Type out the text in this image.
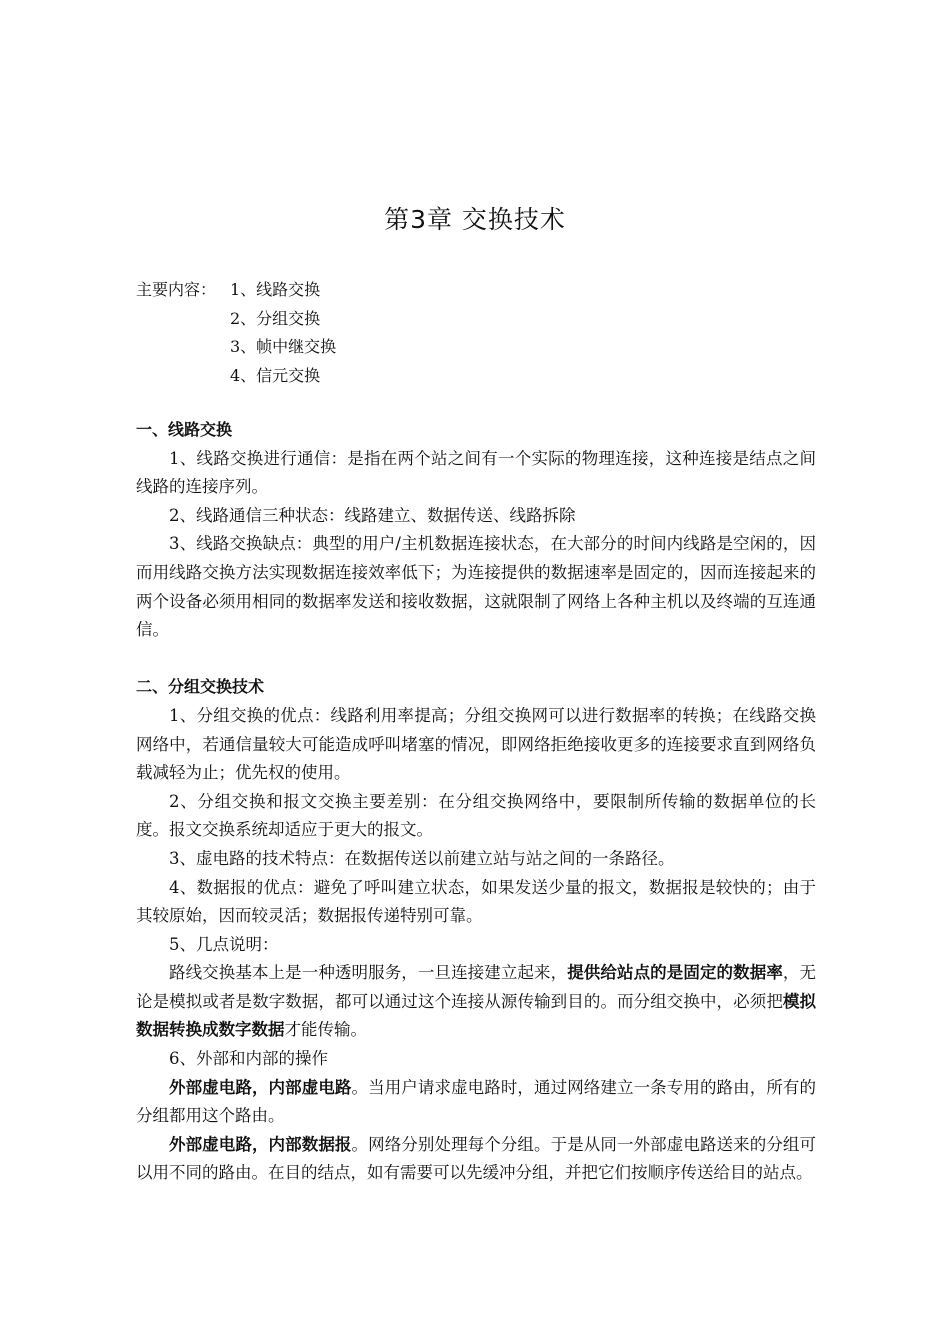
第3章 交换技术
主要内容： 1、线路交换
2、分组交换
3、帧中继交换
4、信元交换
一、线路交换
1、线路交换进行通信：是指在两个站之间有一个实际的物理连接，这种连接是结点之间线路的连接序列。
2、线路通信三种状态：线路建立、数据传送、线路拆除
3、线路交换缺点：典型的用户/主机数据连接状态，在大部分的时间内线路是空闲的，因而用线路交换方法实现数据连接效率低下；为连接提供的数据速率是固定的，因而连接起来的两个设备必须用相同的数据率发送和接收数据，这就限制了网络上各种主机以及终端的互连通信。
二、分组交换技术
1、分组交换的优点：线路利用率提高；分组交换网可以进行数据率的转换；在线路交换网络中，若通信量较大可能造成呼叫堵塞的情况，即网络拒绝接收更多的连接要求直到网络负载减轻为止；优先权的使用。
2、分组交换和报文交换主要差别：在分组交换网络中，要限制所传输的数据单位的长度。报文交换系统却适应于更大的报文。
3、虚电路的技术特点：在数据传送以前建立站与站之间的一条路径。
4、数据报的优点：避免了呼叫建立状态，如果发送少量的报文，数据报是较快的；由于其较原始，因而较灵活；数据报传递特别可靠。
5、几点说明：
路线交换基本上是一种透明服务，一旦连接建立起来，提供给站点的是固定的数据率，无论是模拟或者是数字数据，都可以通过这个连接从源传输到目的。而分组交换中，必须把模拟数据转换成数字数据才能传输。
6、外部和内部的操作
外部虚电路，内部虚电路。当用户请求虚电路时，通过网络建立一条专用的路由，所有的分组都用这个路由。
外部虚电路，内部数据报。网络分别处理每个分组。于是从同一外部虚电路送来的分组可以用不同的路由。在目的结点，如有需要可以先缓冲分组，并把它们按顺序传送给目的站点。
